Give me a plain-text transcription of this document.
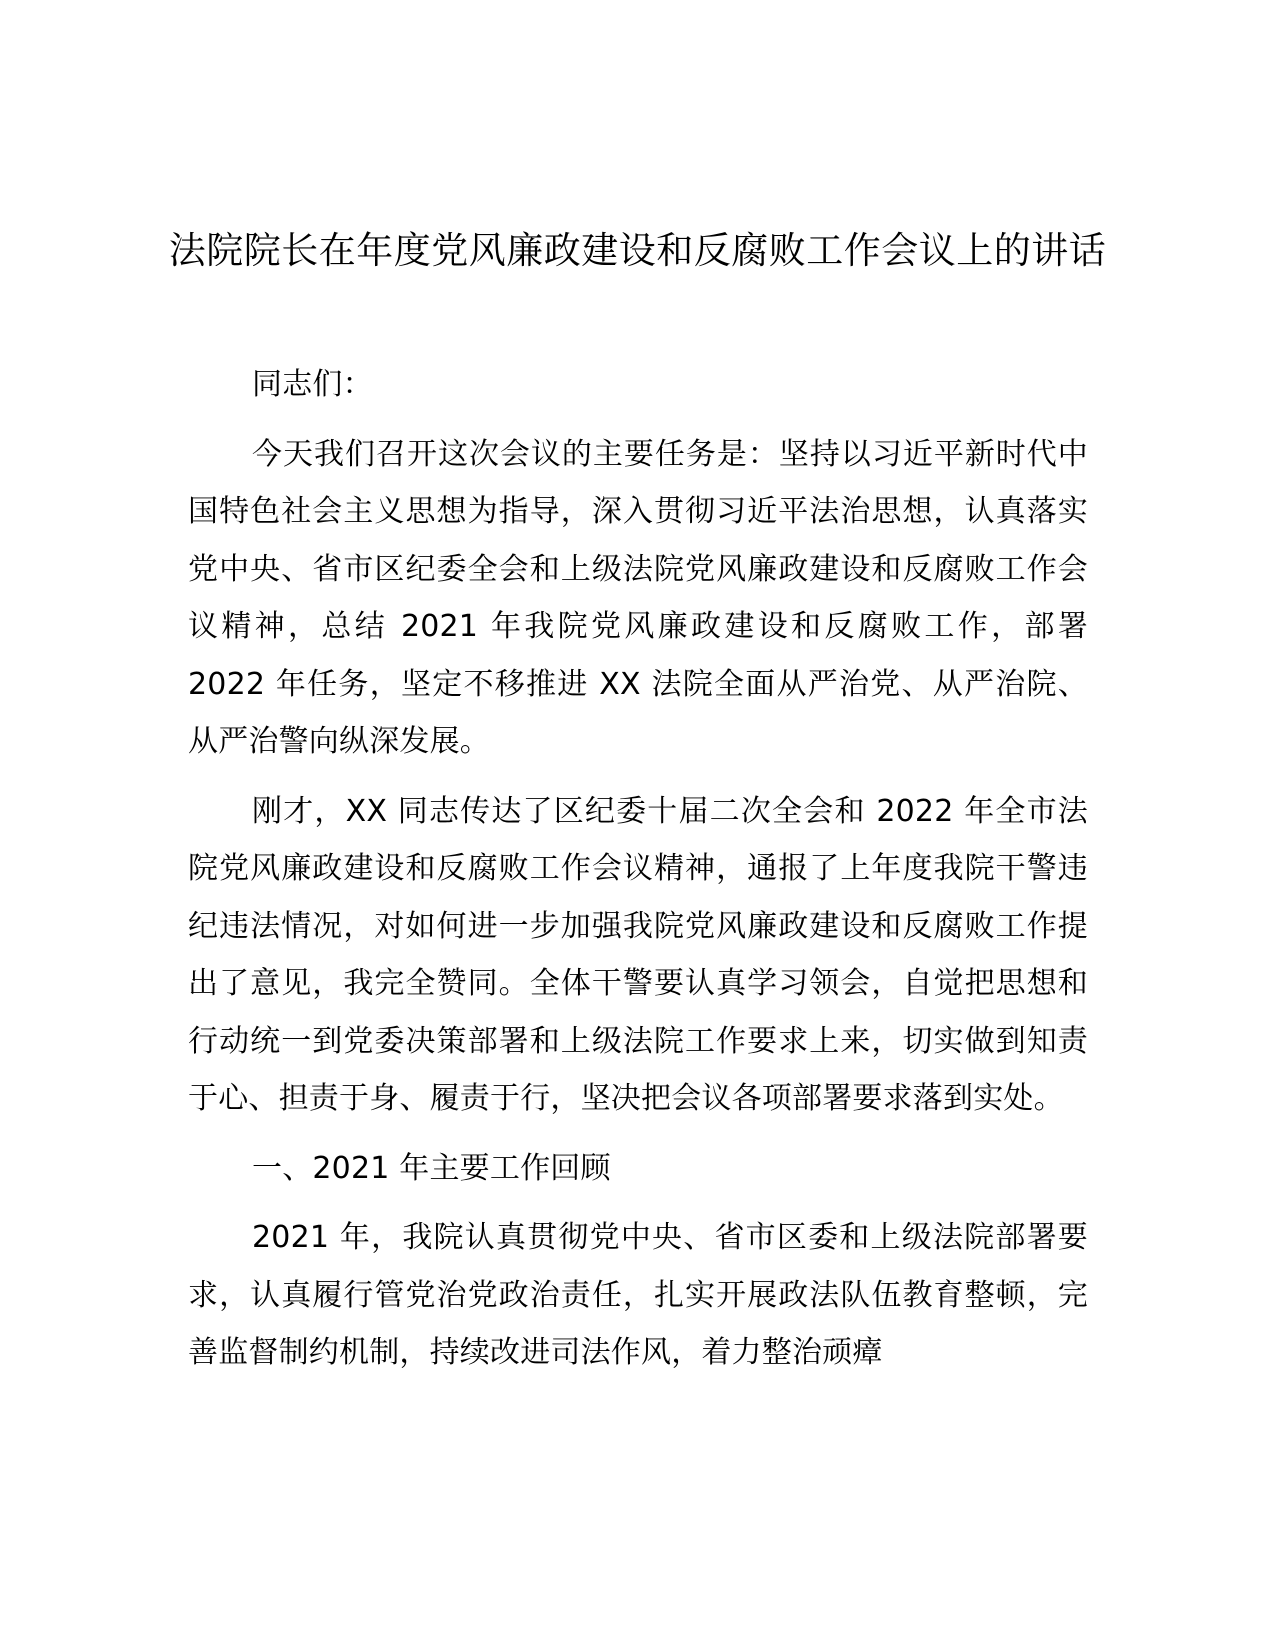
法院院长在年度党风廉政建设和反腐败工作会议上的讲话

同志们：

今天我们召开这次会议的主要任务是：坚持以习近平新时代中国特色社会主义思想为指导，深入贯彻习近平法治思想，认真落实党中央、省市区纪委全会和上级法院党风廉政建设和反腐败工作会议精神，总结 2021 年我院党风廉政建设和反腐败工作，部署 2022 年任务，坚定不移推进 XX 法院全面从严治党、从严治院、从严治警向纵深发展。

刚才，XX 同志传达了区纪委十届二次全会和 2022 年全市法院党风廉政建设和反腐败工作会议精神，通报了上年度我院干警违纪违法情况，对如何进一步加强我院党风廉政建设和反腐败工作提出了意见，我完全赞同。全体干警要认真学习领会，自觉把思想和行动统一到党委决策部署和上级法院工作要求上来，切实做到知责于心、担责于身、履责于行，坚决把会议各项部署要求落到实处。

一、2021 年主要工作回顾

2021 年，我院认真贯彻党中央、省市区委和上级法院部署要求，认真履行管党治党政治责任，扎实开展政法队伍教育整顿，完善监督制约机制，持续改进司法作风，着力整治顽瘴
